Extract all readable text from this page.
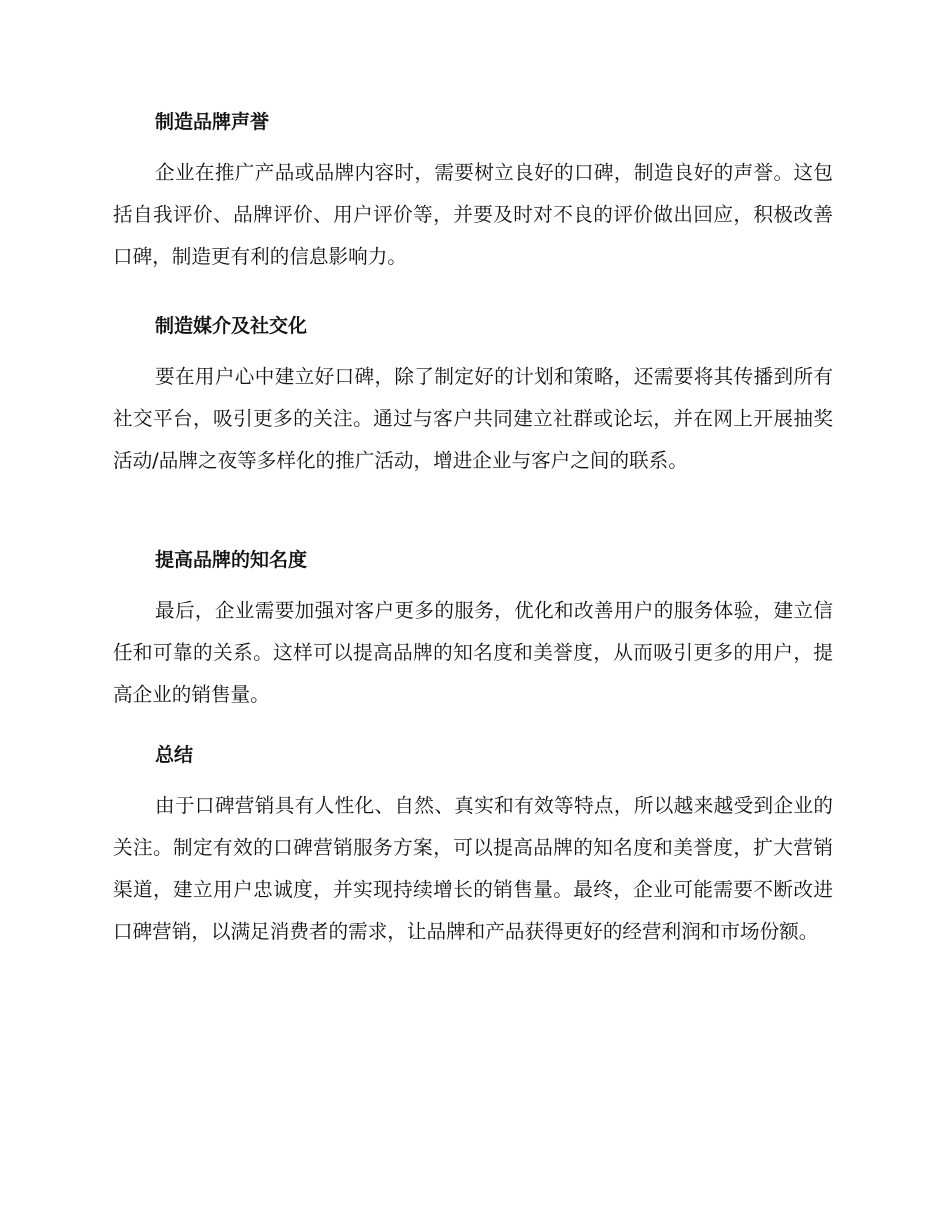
制造品牌声誉

企业在推广产品或品牌内容时，需要树立良好的口碑，制造良好的声誉。这包括自我评价、品牌评价、用户评价等，并要及时对不良的评价做出回应，积极改善口碑，制造更有利的信息影响力。

制造媒介及社交化

要在用户心中建立好口碑，除了制定好的计划和策略，还需要将其传播到所有社交平台，吸引更多的关注。通过与客户共同建立社群或论坛，并在网上开展抽奖活动/品牌之夜等多样化的推广活动，增进企业与客户之间的联系。

提高品牌的知名度

最后，企业需要加强对客户更多的服务，优化和改善用户的服务体验，建立信任和可靠的关系。这样可以提高品牌的知名度和美誉度，从而吸引更多的用户，提高企业的销售量。

总结

由于口碑营销具有人性化、自然、真实和有效等特点，所以越来越受到企业的关注。制定有效的口碑营销服务方案，可以提高品牌的知名度和美誉度，扩大营销渠道，建立用户忠诚度，并实现持续增长的销售量。最终，企业可能需要不断改进口碑营销，以满足消费者的需求，让品牌和产品获得更好的经营利润和市场份额。
